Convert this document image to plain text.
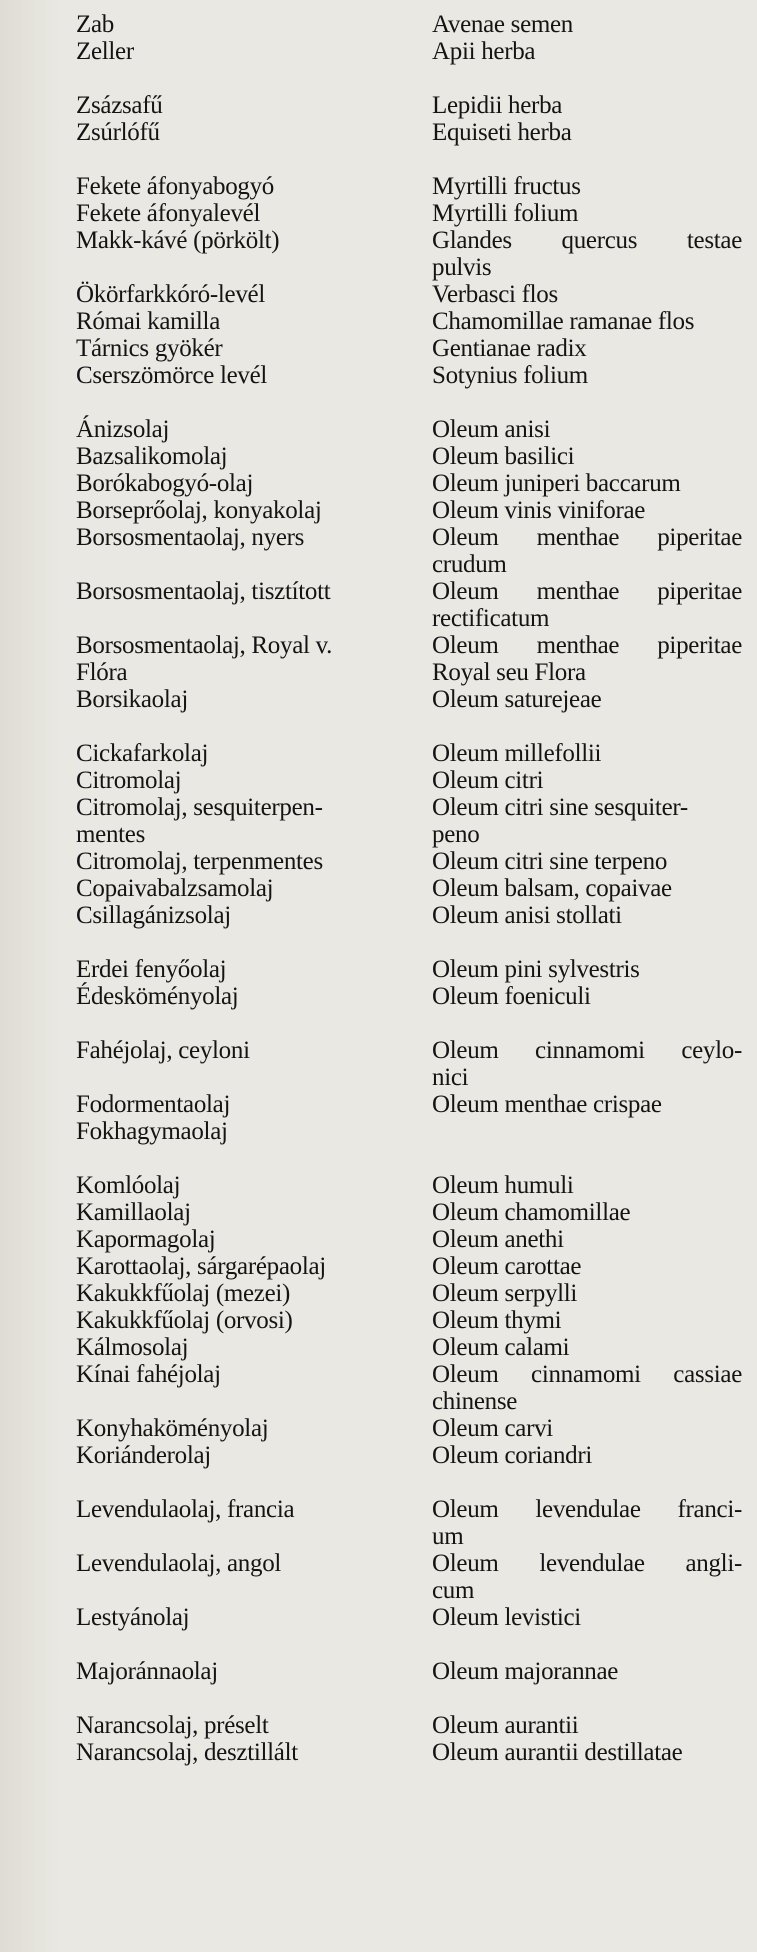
Zab
Zeller
Zsázsafű
Zsúrlófű
Fekete áfonyabogyó
Fekete áfonyalevél
Makk-kávé (pörkölt)
Ökörfarkkóró-levél
Római kamilla
Tárnics gyökér
Cserszömörce levél
Ánizsolaj
Bazsalikomolaj
Borókabogyó-olaj
Borseprőolaj, konyakolaj
Borsosmentaolaj, nyers
Borsosmentaolaj, tisztított
Borsosmentaolaj, Royal v.
Flóra
Borsikaolaj
Cickafarkolaj
Citromolaj
Citromolaj, sesquiterpen-
mentes
Citromolaj, terpenmentes
Copaivabalzsamolaj
Csillagánizsolaj
Erdei fenyőolaj
Édesköményolaj
Fahéjolaj, ceyloni
Fodormentaolaj
Fokhagymaolaj
Komlóolaj
Kamillaolaj
Kapormagolaj
Karottaolaj, sárgarépaolaj
Kakukkfűolaj (mezei)
Kakukkfűolaj (orvosi)
Kálmosolaj
Kínai fahéjolaj
Konyhaköményolaj
Koriánderolaj
Levendulaolaj, francia
Levendulaolaj, angol
Lestyánolaj
Majoránnaolaj
Narancsolaj, préselt
Narancsolaj, desztillált
Avenae semen
Apii herba
Lepidii herba
Equiseti herba
Myrtilli fructus
Myrtilli folium
Glandes quercus testae
pulvis
Verbasci flos
Chamomillae ramanae flos
Gentianae radix
Sotynius folium
Oleum anisi
Oleum basilici
Oleum juniperi baccarum
Oleum vinis viniforae
Oleum menthae piperitae
crudum
Oleum menthae piperitae
rectificatum
Oleum menthae piperitae
Royal seu Flora
Oleum saturejeae
Oleum millefollii
Oleum citri
Oleum citri sine sesquiter-
peno
Oleum citri sine terpeno
Oleum balsam, copaivae
Oleum anisi stollati
Oleum pini sylvestris
Oleum foeniculi
Oleum cinnamomi ceylo-
nici
Oleum menthae crispae
Oleum humuli
Oleum chamomillae
Oleum anethi
Oleum carottae
Oleum serpylli
Oleum thymi
Oleum calami
Oleum cinnamomi cassiae
chinense
Oleum carvi
Oleum coriandri
Oleum levendulae franci-
um
Oleum levendulae angli-
cum
Oleum levistici
Oleum majorannae
Oleum aurantii
Oleum aurantii destillatae
